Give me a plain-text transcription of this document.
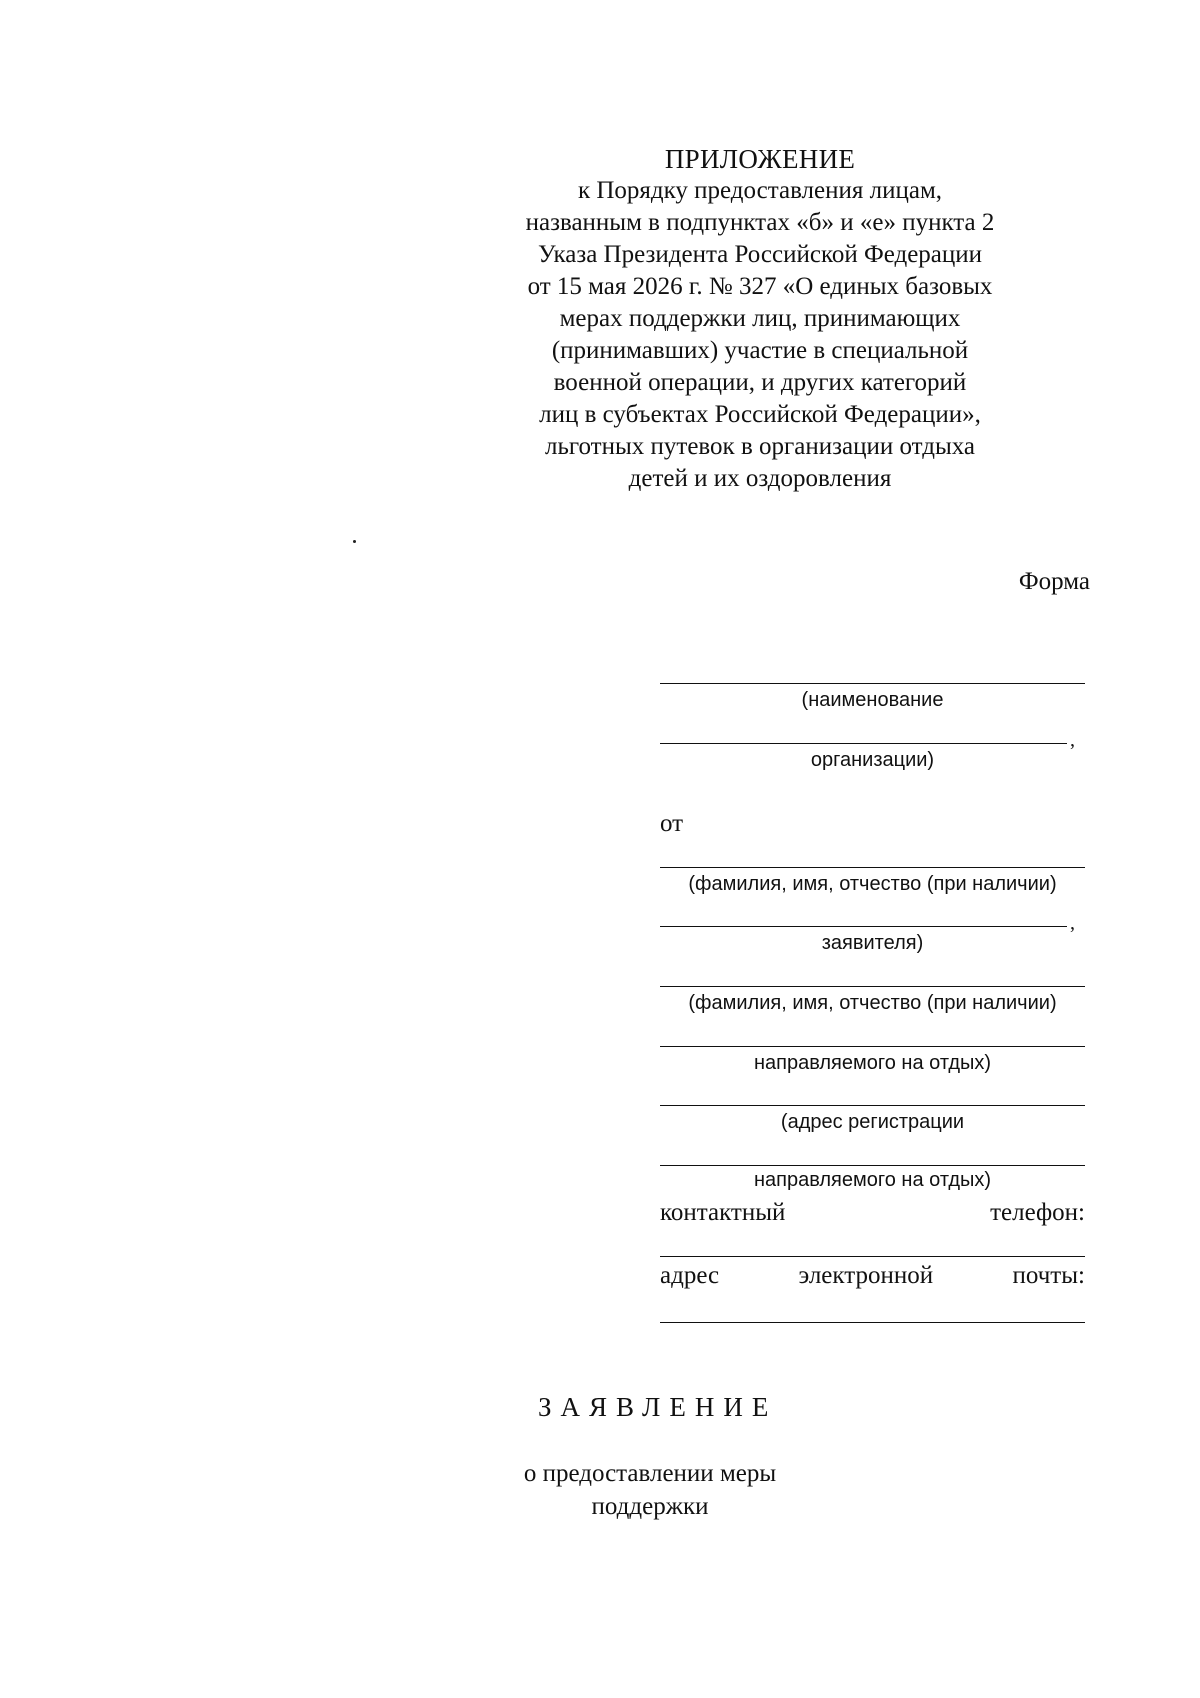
ПРИЛОЖЕНИЕ
к Порядку предоставления лицам,
названным в подпунктах «б» и «е» пункта 2
Указа Президента Российской Федерации
от 15 мая 2026 г. № 327 «О единых базовых
мерах поддержки лиц, принимающих
(принимавших) участие в специальной
военной операции, и других категорий
лиц в субъектах Российской Федерации»,
льготных путевок в организации отдыха
детей и их оздоровления
Форма
(наименование
,
организации)
от
(фамилия, имя, отчество (при наличии)
,
заявителя)
(фамилия, имя, отчество (при наличии)
направляемого на отдых)
(адрес регистрации
направляемого на отдых)
контактный	телефон:
адрес	электронной	почты:
ЗАЯВЛЕНИЕ
о предоставлении меры
поддержки
